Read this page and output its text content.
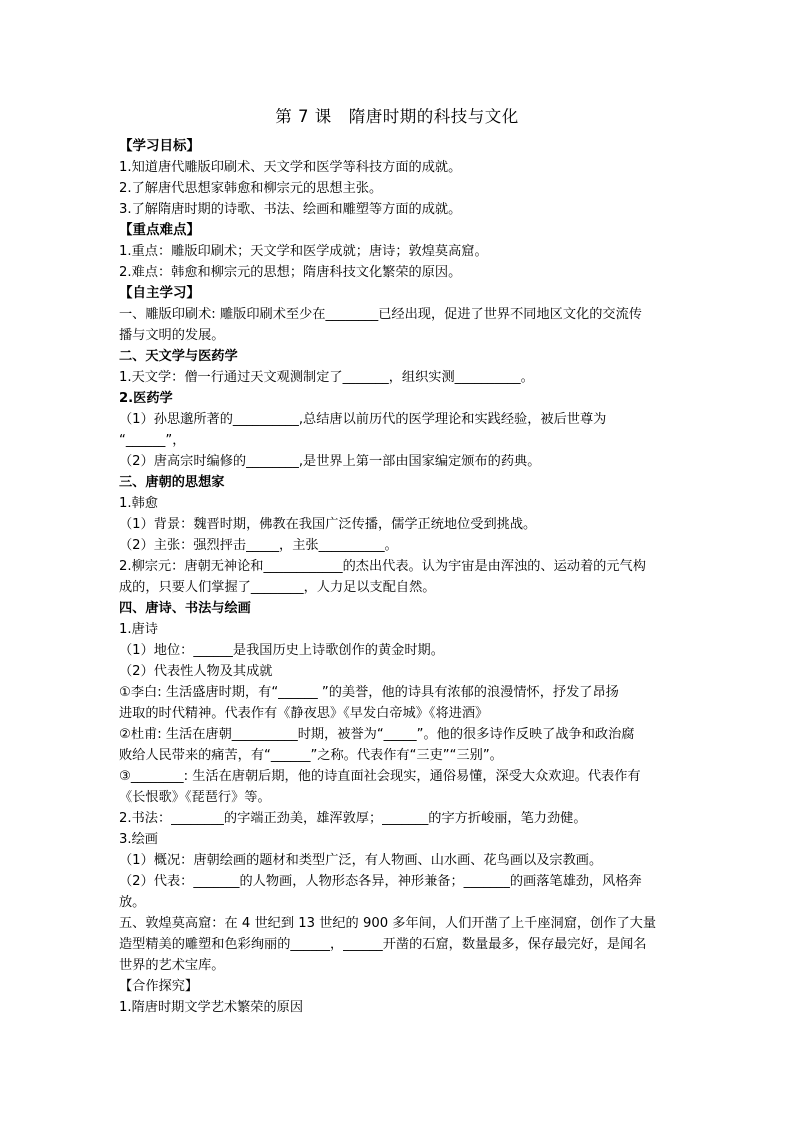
第 7 课　隋唐时期的科技与文化
【学习目标】
1.知道唐代雕版印刷术、天文学和医学等科技方面的成就。
2.了解唐代思想家韩愈和柳宗元的思想主张。
3.了解隋唐时期的诗歌、书法、绘画和雕塑等方面的成就。
【重点难点】
1.重点：雕版印刷术；天文学和医学成就；唐诗；敦煌莫高窟。
2.难点：韩愈和柳宗元的思想；隋唐科技文化繁荣的原因。
【自主学习】
一、雕版印刷术: 雕版印刷术至少在________已经出现，促进了世界不同地区文化的交流传
播与文明的发展。
二、天文学与医药学
1.天文学：僧一行通过天文观测制定了_______，组织实测__________。
2.医药学
（1）孙思邈所著的__________,总结唐以前历代的医学理论和实践经验，被后世尊为
“______”，
（2）唐高宗时编修的________,是世界上第一部由国家编定颁布的药典。
三、唐朝的思想家
1.韩愈
（1）背景：魏晋时期，佛教在我国广泛传播，儒学正统地位受到挑战。
（2）主张：强烈抨击_____，主张__________。
2.柳宗元：唐朝无神论和____________的杰出代表。认为宇宙是由浑浊的、运动着的元气构
成的，只要人们掌握了________，人力足以支配自然。
四、唐诗、书法与绘画
1.唐诗
（1）地位：______是我国历史上诗歌创作的黄金时期。
（2）代表性人物及其成就
①李白: 生活盛唐时期，有“______ ”的美誉，他的诗具有浓郁的浪漫情怀，抒发了昂扬
进取的时代精神。代表作有《静夜思》《早发白帝城》《将进酒》
②杜甫: 生活在唐朝__________时期，被誉为“_____”。他的很多诗作反映了战争和政治腐
败给人民带来的痛苦，有“______”之称。代表作有“三吏”“三别”。
③________: 生活在唐朝后期，他的诗直面社会现实，通俗易懂，深受大众欢迎。代表作有
《长恨歌》《琵琶行》等。
2.书法：________的字端正劲美，雄浑敦厚；_______的字方折峻丽，笔力劲健。
3.绘画
（1）概况：唐朝绘画的题材和类型广泛，有人物画、山水画、花鸟画以及宗教画。
（2）代表：_______的人物画，人物形态各异，神形兼备；_______的画落笔雄劲，风格奔
放。
五、敦煌莫高窟：在 4 世纪到 13 世纪的 900 多年间，人们开凿了上千座洞窟，创作了大量
造型精美的雕塑和色彩绚丽的______，______开凿的石窟，数量最多，保存最完好，是闻名
世界的艺术宝库。
【合作探究】
1.隋唐时期文学艺术繁荣的原因
